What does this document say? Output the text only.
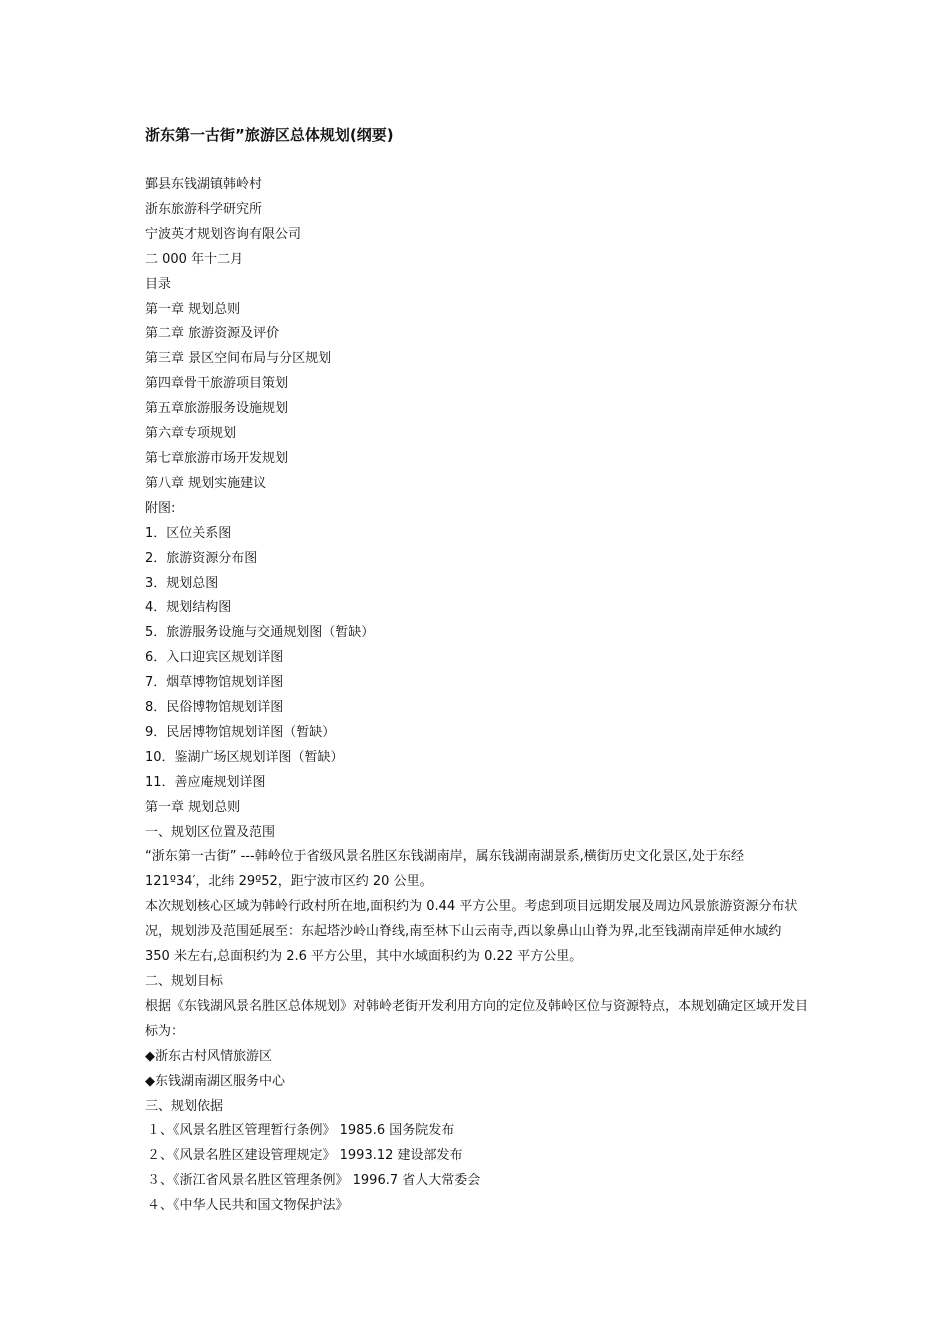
浙东第一古街”旅游区总体规划(纲要)
鄞县东钱湖镇韩岭村
浙东旅游科学研究所
宁波英才规划咨询有限公司
二 000 年十二月
目录
第一章 规划总则
第二章 旅游资源及评价
第三章 景区空间布局与分区规划
第四章骨干旅游项目策划
第五章旅游服务设施规划
第六章专项规划
第七章旅游市场开发规划
第八章 规划实施建议
附图:
1．区位关系图
2．旅游资源分布图
3．规划总图
4．规划结构图
5．旅游服务设施与交通规划图（暂缺）
6．入口迎宾区规划详图
7．烟草博物馆规划详图
8．民俗博物馆规划详图
9．民居博物馆规划详图（暂缺）
10．鉴湖广场区规划详图（暂缺）
11．善应庵规划详图
第一章 规划总则
一、规划区位置及范围
“浙东第一古街” ---韩岭位于省级风景名胜区东钱湖南岸，属东钱湖南湖景系,横街历史文化景区,处于东经 121º34′，北纬 29º52，距宁波市区约 20 公里。
本次规划核心区域为韩岭行政村所在地,面积约为 0.44 平方公里。考虑到项目远期发展及周边风景旅游资源分布状况，规划涉及范围延展至：东起塔沙岭山脊线,南至林下山云南寺,西以象鼻山山脊为界,北至钱湖南岸延伸水域约 350 米左右,总面积约为 2.6 平方公里，其中水域面积约为 0.22 平方公里。
二、规划目标
根据《东钱湖风景名胜区总体规划》对韩岭老街开发利用方向的定位及韩岭区位与资源特点，本规划确定区域开发目标为：
◆浙东古村风情旅游区
◆东钱湖南湖区服务中心
三、规划依据
１、《风景名胜区管理暂行条例》 1985.6 国务院发布
２、《风景名胜区建设管理规定》 1993.12 建设部发布
３、《浙江省风景名胜区管理条例》 1996.7 省人大常委会
４、《中华人民共和国文物保护法》
